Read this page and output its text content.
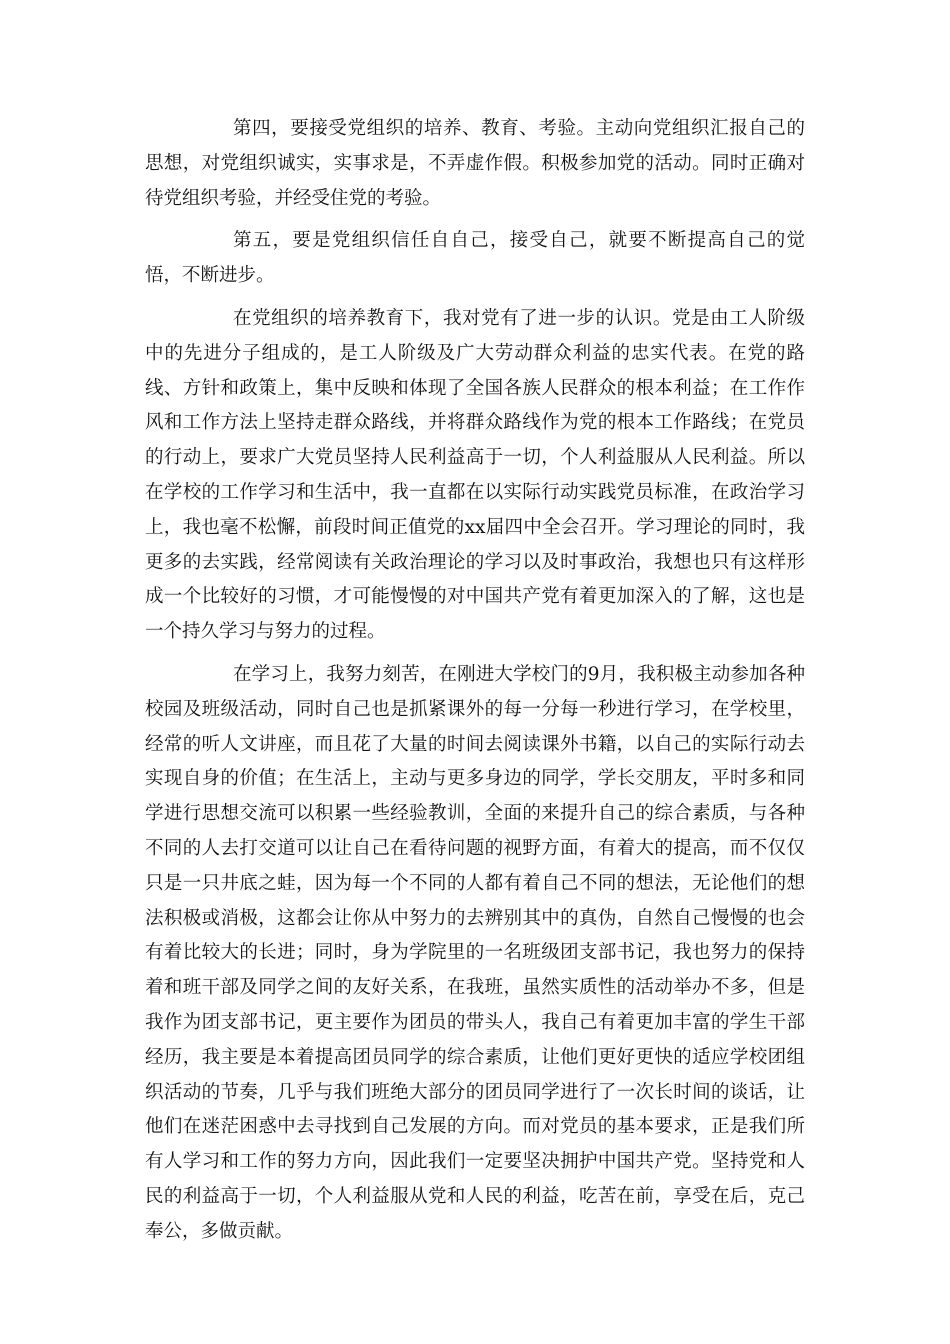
第四，要接受党组织的培养、教育、考验。主动向党组织汇报自己的思想，对党组织诚实，实事求是，不弄虚作假。积极参加党的活动。同时正确对待党组织考验，并经受住党的考验。

第五，要是党组织信任自自己，接受自己，就要不断提高自己的觉悟，不断进步。

在党组织的培养教育下，我对党有了进一步的认识。党是由工人阶级中的先进分子组成的，是工人阶级及广大劳动群众利益的忠实代表。在党的路线、方针和政策上，集中反映和体现了全国各族人民群众的根本利益；在工作作风和工作方法上坚持走群众路线，并将群众路线作为党的根本工作路线；在党员的行动上，要求广大党员坚持人民利益高于一切，个人利益服从人民利益。所以在学校的工作学习和生活中，我一直都在以实际行动实践党员标准，在政治学习上，我也毫不松懈，前段时间正值党的xx届四中全会召开。学习理论的同时，我更多的去实践，经常阅读有关政治理论的学习以及时事政治，我想也只有这样形成一个比较好的习惯，才可能慢慢的对中国共产党有着更加深入的了解，这也是一个持久学习与努力的过程。

在学习上，我努力刻苦，在刚进大学校门的9月，我积极主动参加各种校园及班级活动，同时自己也是抓紧课外的每一分每一秒进行学习，在学校里，经常的听人文讲座，而且花了大量的时间去阅读课外书籍，以自己的实际行动去实现自身的价值；在生活上，主动与更多身边的同学，学长交朋友，平时多和同学进行思想交流可以积累一些经验教训，全面的来提升自己的综合素质，与各种不同的人去打交道可以让自己在看待问题的视野方面，有着大的提高，而不仅仅只是一只井底之蛙，因为每一个不同的人都有着自己不同的想法，无论他们的想法积极或消极，这都会让你从中努力的去辨别其中的真伪，自然自己慢慢的也会有着比较大的长进；同时，身为学院里的一名班级团支部书记，我也努力的保持着和班干部及同学之间的友好关系，在我班，虽然实质性的活动举办不多，但是我作为团支部书记，更主要作为团员的带头人，我自己有着更加丰富的学生干部经历，我主要是本着提高团员同学的综合素质，让他们更好更快的适应学校团组织活动的节奏，几乎与我们班绝大部分的团员同学进行了一次长时间的谈话，让他们在迷茫困惑中去寻找到自己发展的方向。而对党员的基本要求，正是我们所有人学习和工作的努力方向，因此我们一定要坚决拥护中国共产党。坚持党和人民的利益高于一切，个人利益服从党和人民的利益，吃苦在前，享受在后，克己奉公，多做贡献。
